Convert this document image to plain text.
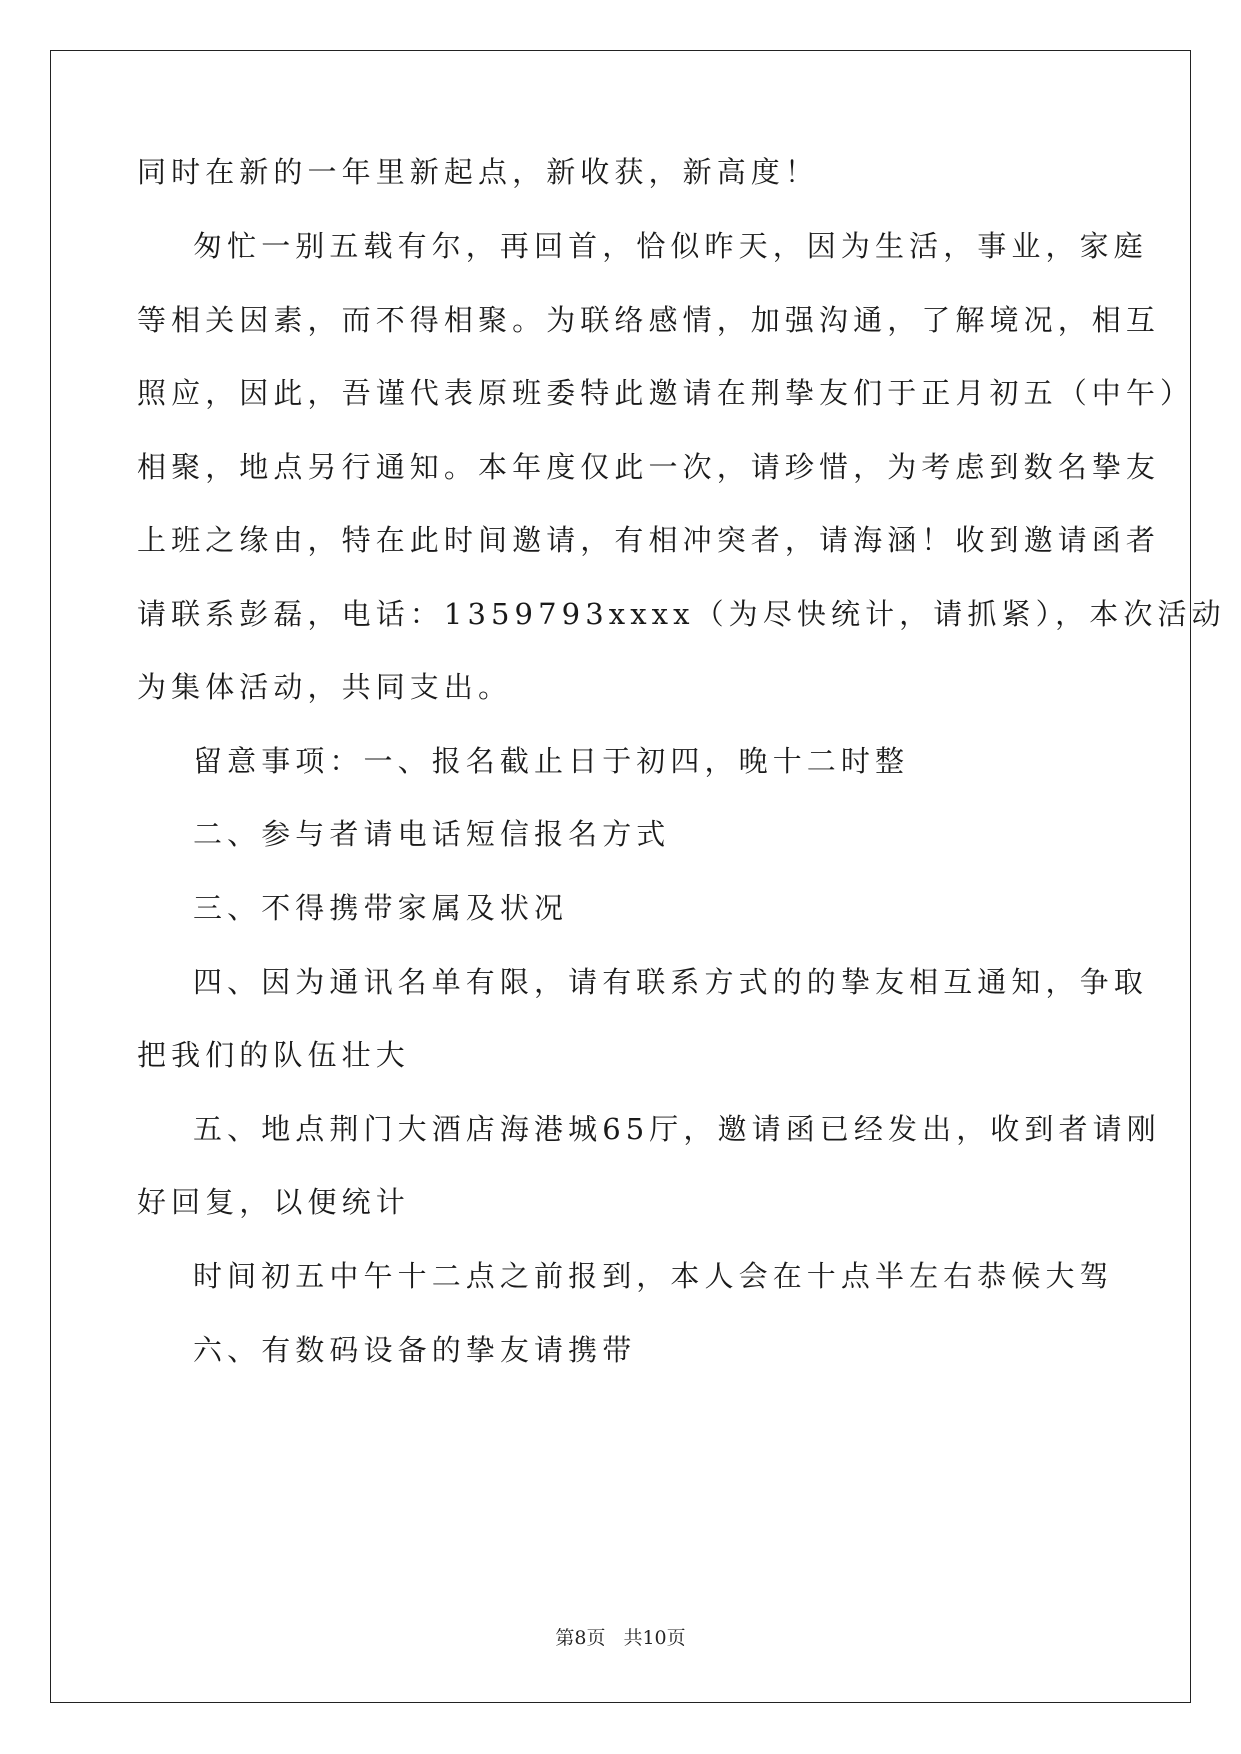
同时在新的一年里新起点，新收获，新高度！

匆忙一别五载有尔，再回首，恰似昨天，因为生活，事业，家庭

等相关因素，而不得相聚。为联络感情，加强沟通，了解境况，相互

照应，因此，吾谨代表原班委特此邀请在荆挚友们于正月初五（中午）

相聚，地点另行通知。本年度仅此一次，请珍惜，为考虑到数名挚友

上班之缘由，特在此时间邀请，有相冲突者，请海涵！收到邀请函者

请联系彭磊，电话：1359793xxxx（为尽快统计，请抓紧），本次活动

为集体活动，共同支出。

留意事项：一、报名截止日于初四，晚十二时整

二、参与者请电话短信报名方式

三、不得携带家属及状况

四、因为通讯名单有限，请有联系方式的的挚友相互通知，争取

把我们的队伍壮大

五、地点荆门大酒店海港城65厅，邀请函已经发出，收到者请刚

好回复，以便统计

时间初五中午十二点之前报到，本人会在十点半左右恭候大驾

六、有数码设备的挚友请携带

第8页 共10页
